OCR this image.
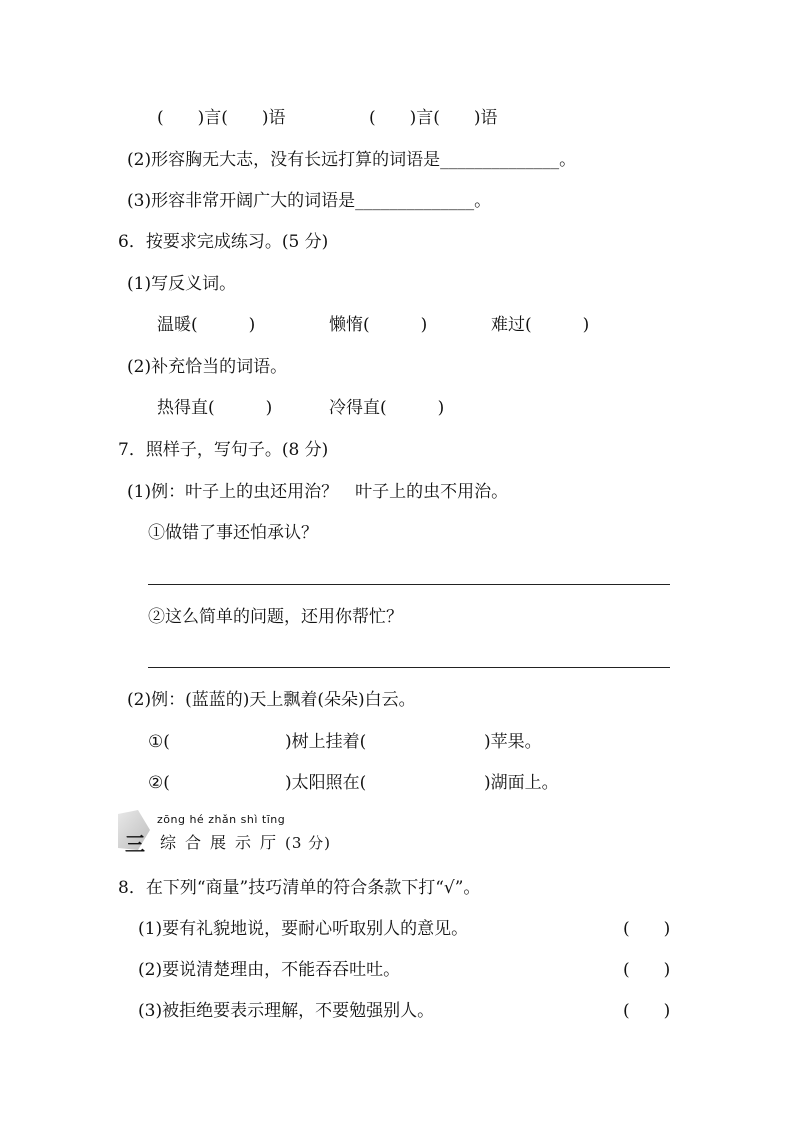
(　　)言(　　)语	(　　)言(　　)语
(2)形容胸无大志，没有长远打算的词语是______________。
(3)形容非常开阔广大的词语是______________。
6．按要求完成练习。(5 分)
(1)写反义词。
温暖(　　　)	懒惰(　　　)	难过(　　　)
(2)补充恰当的词语。
热得直(　　　)	冷得直(　　　)
7．照样子，写句子。(8 分)
(1)例：叶子上的虫还用治？　叶子上的虫不用治。
①做错了事还怕承认？
②这么简单的问题，还用你帮忙？
(2)例：(蓝蓝的)天上飘着(朵朵)白云。
①(	)树上挂着(	)苹果。
②(	)太阳照在(	)湖面上。
三
zōng hé zhǎn shì tīng
综合展示厅(3 分)
8．在下列“商量”技巧清单的符合条款下打“√”。
(1)要有礼貌地说，要耐心听取别人的意见。	(　　)
(2)要说清楚理由，不能吞吞吐吐。	(　　)
(3)被拒绝要表示理解，不要勉强别人。	(　　)
